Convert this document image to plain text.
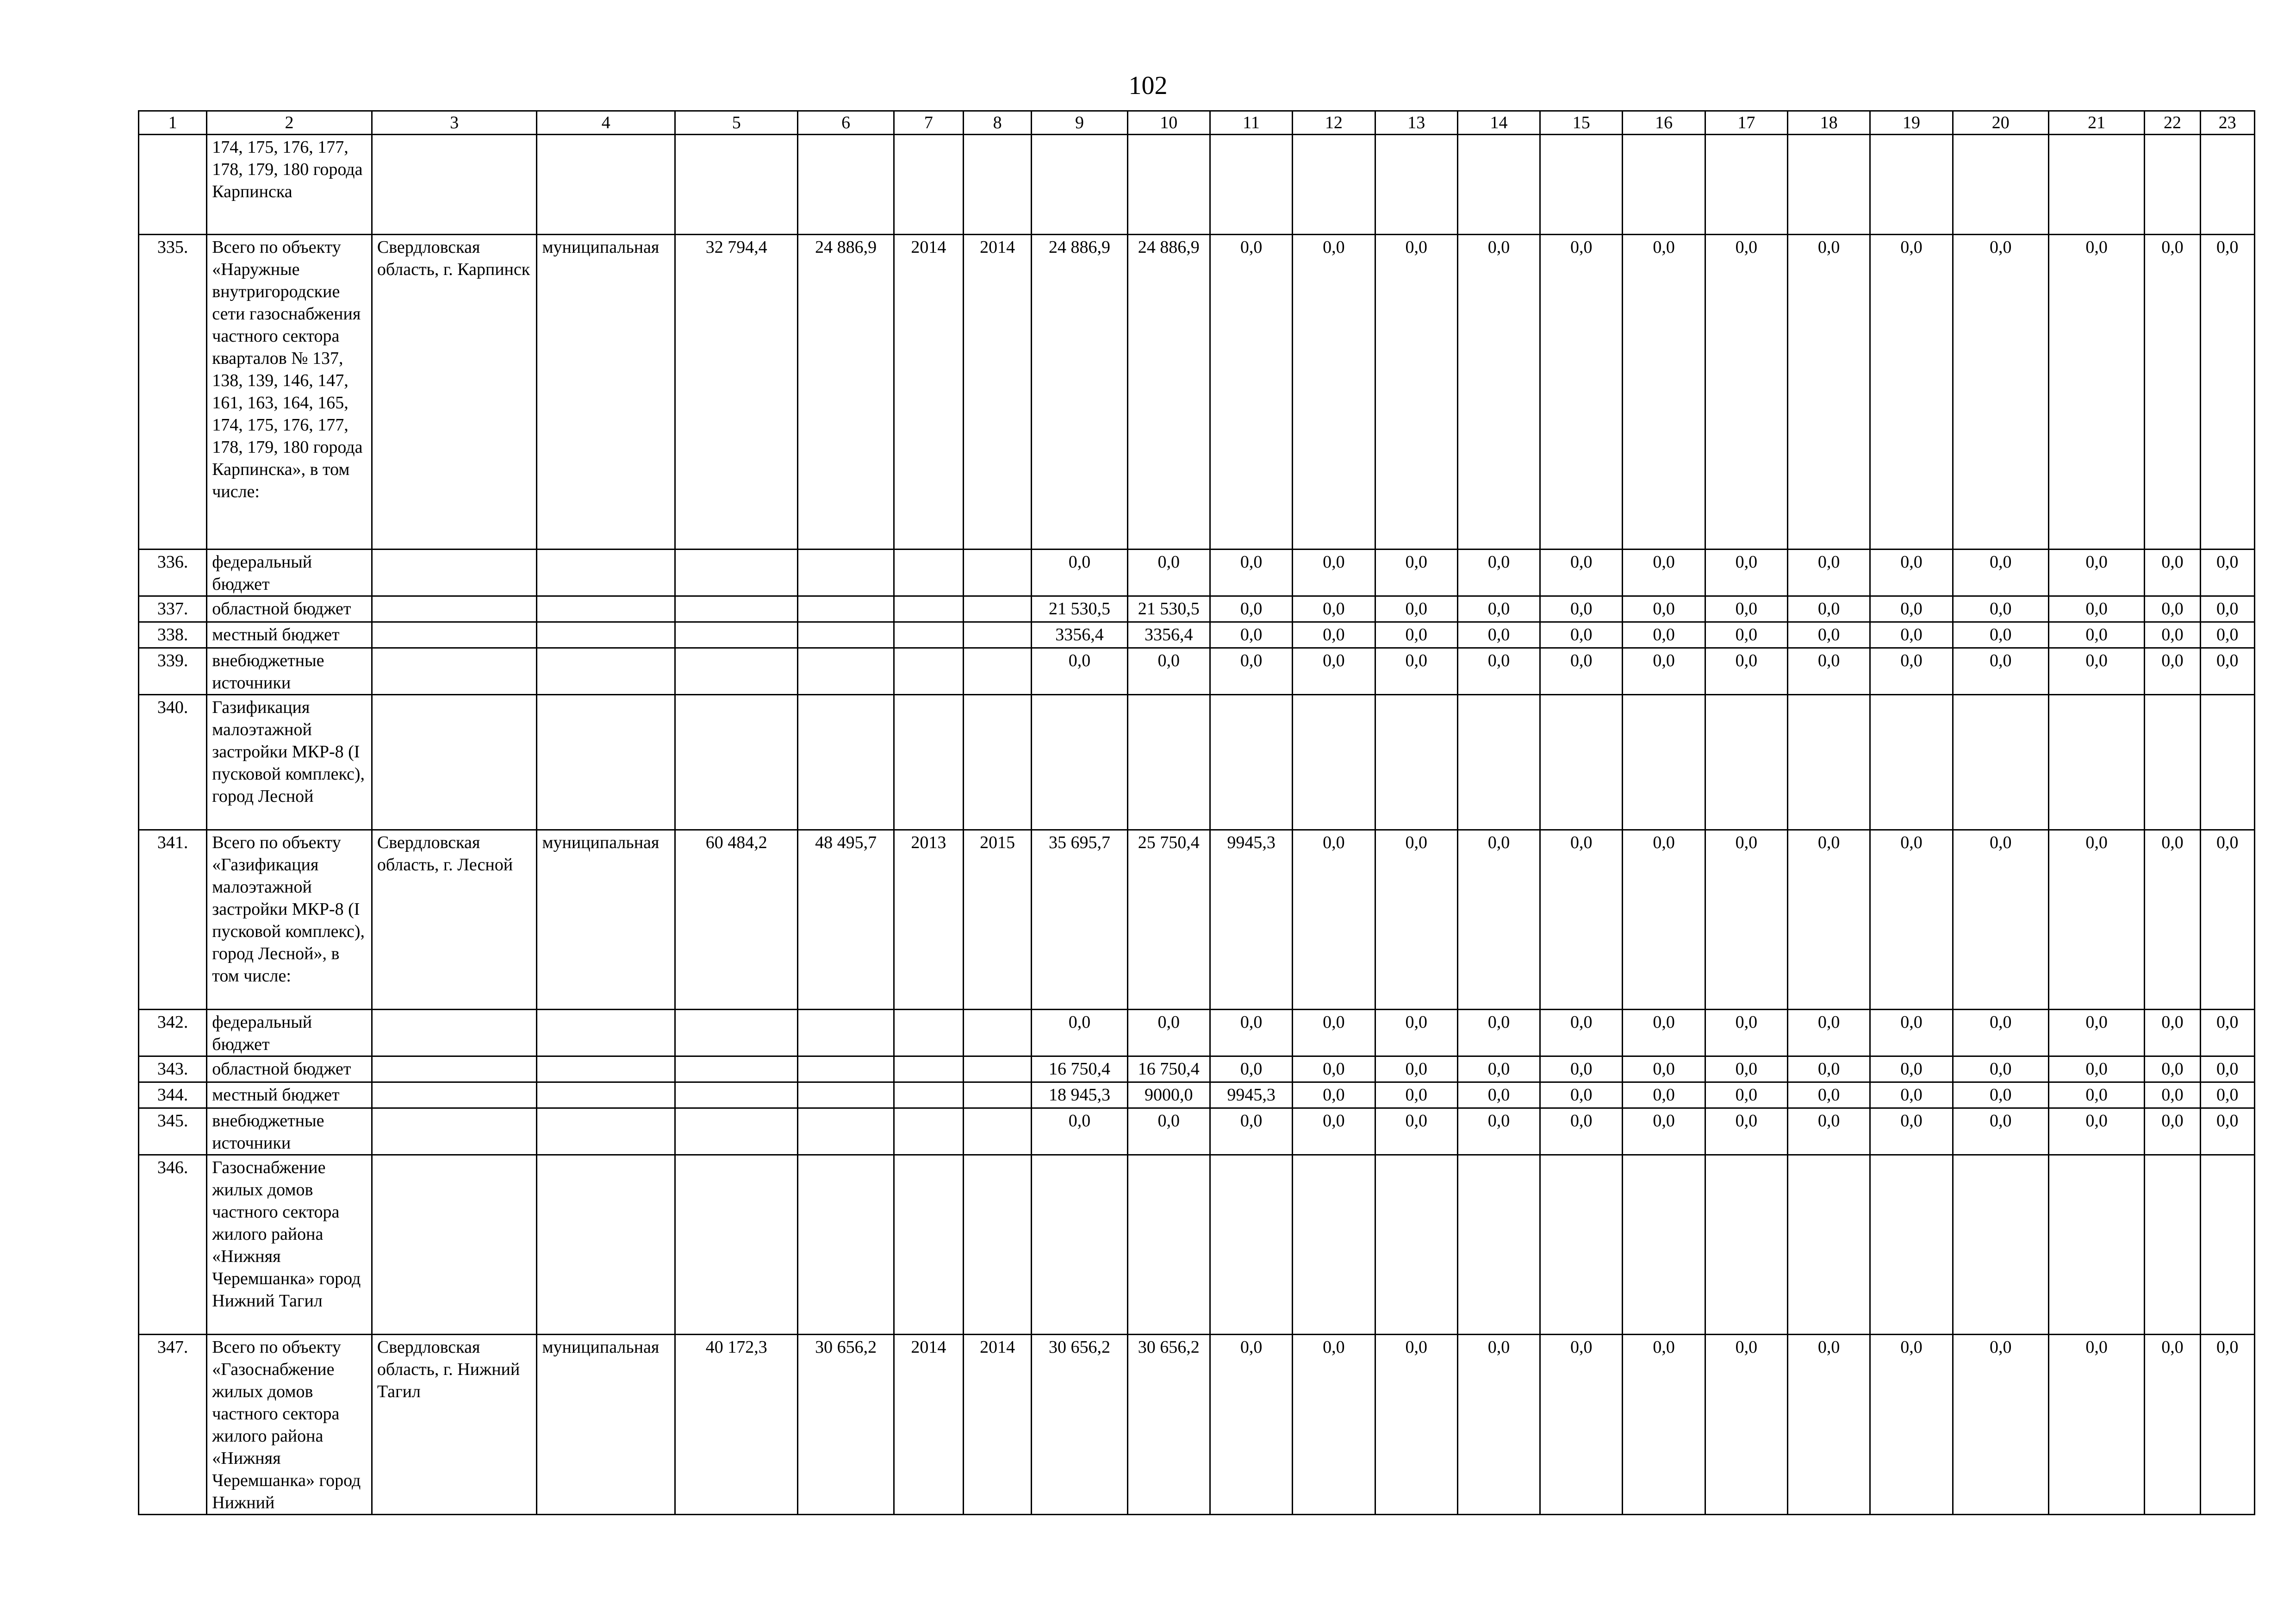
102
1	2	3	4	5	6	7	8	9	10	11	12	13	14	15	16	17	18	19	20	21	22	23
	174, 175, 176, 177, 178, 179, 180 города Карпинска																					
335.	Всего по объекту «Наружные внутригородские сети газоснабжения частного сектора кварталов № 137, 138, 139, 146, 147, 161, 163, 164, 165, 174, 175, 176, 177, 178, 179, 180 города Карпинска», в том числе:	Свердловская область, г. Карпинск	муниципальная	32 794,4	24 886,9	2014	2014	24 886,9	24 886,9	0,0	0,0	0,0	0,0	0,0	0,0	0,0	0,0	0,0	0,0	0,0	0,0	0,0
336.	федеральный бюджет							0,0	0,0	0,0	0,0	0,0	0,0	0,0	0,0	0,0	0,0	0,0	0,0	0,0	0,0	0,0
337.	областной бюджет							21 530,5	21 530,5	0,0	0,0	0,0	0,0	0,0	0,0	0,0	0,0	0,0	0,0	0,0	0,0	0,0
338.	местный бюджет							3356,4	3356,4	0,0	0,0	0,0	0,0	0,0	0,0	0,0	0,0	0,0	0,0	0,0	0,0	0,0
339.	внебюджетные источники							0,0	0,0	0,0	0,0	0,0	0,0	0,0	0,0	0,0	0,0	0,0	0,0	0,0	0,0	0,0
340.	Газификация малоэтажной застройки МКР-8 (I пусковой комплекс), город Лесной																					
341.	Всего по объекту «Газификация малоэтажной застройки МКР-8 (I пусковой комплекс), город Лесной», в том числе:	Свердловская область, г. Лесной	муниципальная	60 484,2	48 495,7	2013	2015	35 695,7	25 750,4	9945,3	0,0	0,0	0,0	0,0	0,0	0,0	0,0	0,0	0,0	0,0	0,0	0,0
342.	федеральный бюджет							0,0	0,0	0,0	0,0	0,0	0,0	0,0	0,0	0,0	0,0	0,0	0,0	0,0	0,0	0,0
343.	областной бюджет							16 750,4	16 750,4	0,0	0,0	0,0	0,0	0,0	0,0	0,0	0,0	0,0	0,0	0,0	0,0	0,0
344.	местный бюджет							18 945,3	9000,0	9945,3	0,0	0,0	0,0	0,0	0,0	0,0	0,0	0,0	0,0	0,0	0,0	0,0
345.	внебюджетные источники							0,0	0,0	0,0	0,0	0,0	0,0	0,0	0,0	0,0	0,0	0,0	0,0	0,0	0,0	0,0
346.	Газоснабжение жилых домов частного сектора жилого района «Нижняя Черемшанка» город Нижний Тагил																					
347.	Всего по объекту «Газоснабжение жилых домов частного сектора жилого района «Нижняя Черемшанка» город Нижний	Свердловская область, г. Нижний Тагил	муниципальная	40 172,3	30 656,2	2014	2014	30 656,2	30 656,2	0,0	0,0	0,0	0,0	0,0	0,0	0,0	0,0	0,0	0,0	0,0	0,0	0,0
